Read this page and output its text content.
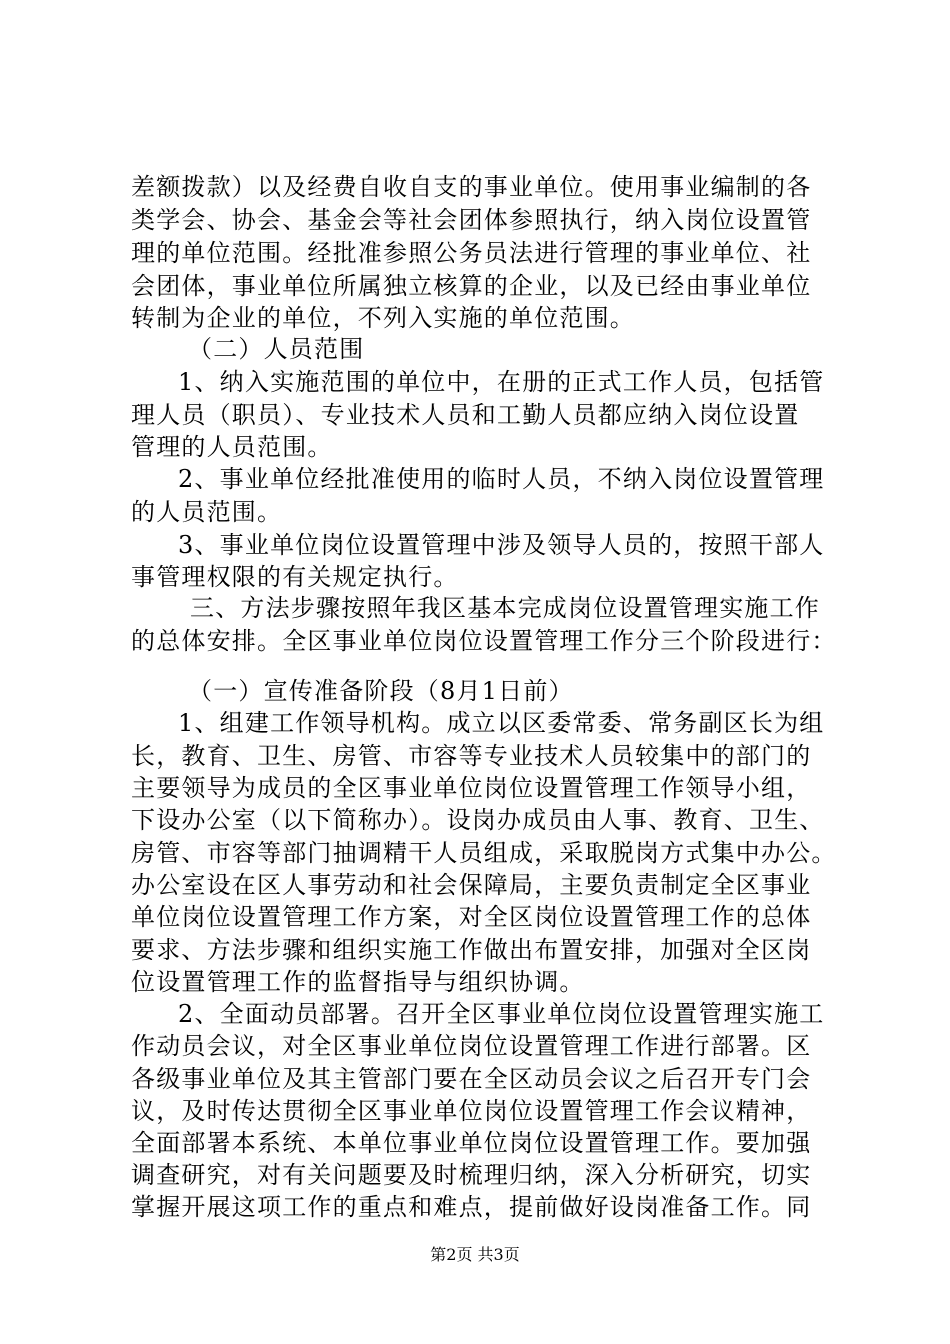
差额拨款）以及经费自收自支的事业单位。使用事业编制的各
类学会、协会、基金会等社会团体参照执行，纳入岗位设置管
理的单位范围。经批准参照公务员法进行管理的事业单位、社
会团体，事业单位所属独立核算的企业，以及已经由事业单位
转制为企业的单位，不列入实施的单位范围。
（二）人员范围
1、纳入实施范围的单位中，在册的正式工作人员，包括管
理人员（职员）、专业技术人员和工勤人员都应纳入岗位设置
管理的人员范围。
2、事业单位经批准使用的临时人员，不纳入岗位设置管理
的人员范围。
3、事业单位岗位设置管理中涉及领导人员的，按照干部人
事管理权限的有关规定执行。
三、方法步骤按照年我区基本完成岗位设置管理实施工作
的总体安排。全区事业单位岗位设置管理工作分三个阶段进行：
（一）宣传准备阶段（8月1日前）
1、组建工作领导机构。成立以区委常委、常务副区长为组
长，教育、卫生、房管、市容等专业技术人员较集中的部门的
主要领导为成员的全区事业单位岗位设置管理工作领导小组，
下设办公室（以下简称办）。设岗办成员由人事、教育、卫生、
房管、市容等部门抽调精干人员组成，采取脱岗方式集中办公。
办公室设在区人事劳动和社会保障局，主要负责制定全区事业
单位岗位设置管理工作方案，对全区岗位设置管理工作的总体
要求、方法步骤和组织实施工作做出布置安排，加强对全区岗
位设置管理工作的监督指导与组织协调。
2、全面动员部署。召开全区事业单位岗位设置管理实施工
作动员会议，对全区事业单位岗位设置管理工作进行部署。区
各级事业单位及其主管部门要在全区动员会议之后召开专门会
议，及时传达贯彻全区事业单位岗位设置管理工作会议精神，
全面部署本系统、本单位事业单位岗位设置管理工作。要加强
调查研究，对有关问题要及时梳理归纳，深入分析研究，切实
掌握开展这项工作的重点和难点，提前做好设岗准备工作。同
第2页 共3页
